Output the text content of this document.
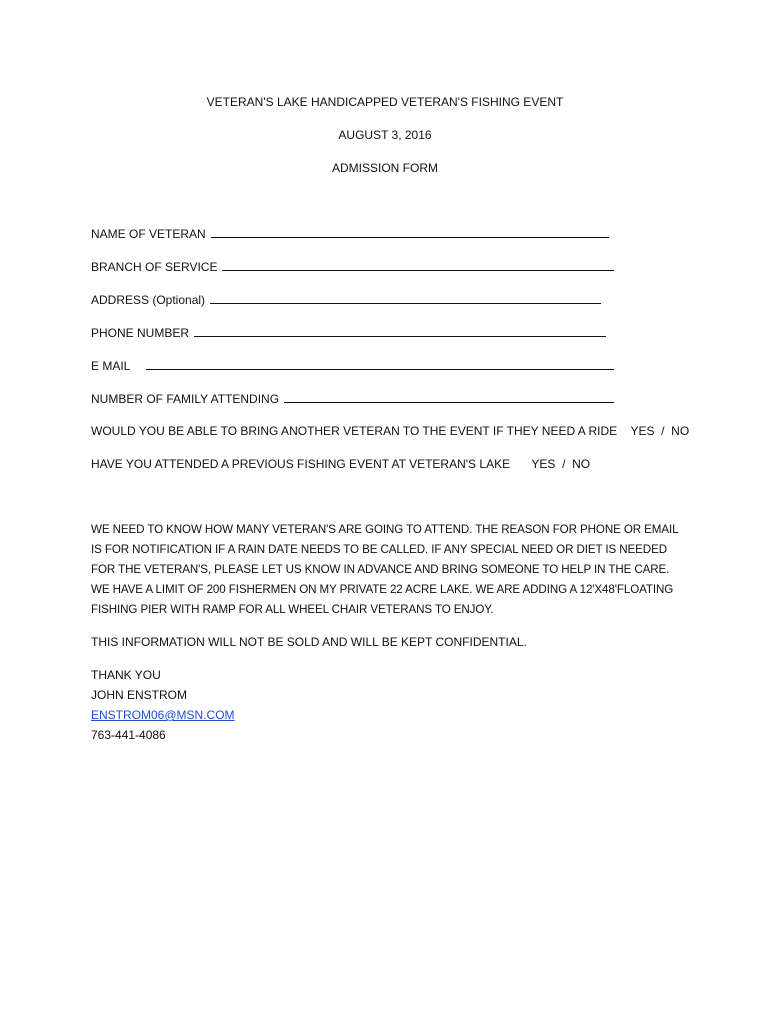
VETERAN'S LAKE HANDICAPPED VETERAN'S FISHING EVENT
AUGUST 3, 2016
ADMISSION FORM
NAME OF VETERAN
BRANCH OF SERVICE
ADDRESS (Optional)
PHONE NUMBER
E MAIL
NUMBER OF FAMILY ATTENDING
WOULD YOU BE ABLE TO BRING ANOTHER VETERAN TO THE EVENT IF THEY NEED A RIDE YES  /  NO
HAVE YOU ATTENDED A PREVIOUS FISHING EVENT AT VETERAN'S LAKE YES  /  NO
WE NEED TO KNOW HOW MANY VETERAN'S ARE GOING TO ATTEND. THE REASON FOR PHONE OR EMAIL IS FOR NOTIFICATION IF A RAIN DATE NEEDS TO BE CALLED. IF ANY SPECIAL NEED OR DIET IS NEEDED FOR THE VETERAN'S, PLEASE LET US KNOW IN ADVANCE AND BRING SOMEONE TO HELP IN THE CARE. WE HAVE A LIMIT OF 200 FISHERMEN ON MY PRIVATE 22 ACRE LAKE. WE ARE ADDING A 12'X48'FLOATING FISHING PIER WITH RAMP FOR ALL WHEEL CHAIR VETERANS TO ENJOY.
THIS INFORMATION WILL NOT BE SOLD AND WILL BE KEPT CONFIDENTIAL.
THANK YOU
JOHN ENSTROM
ENSTROM06@MSN.COM
763-441-4086
